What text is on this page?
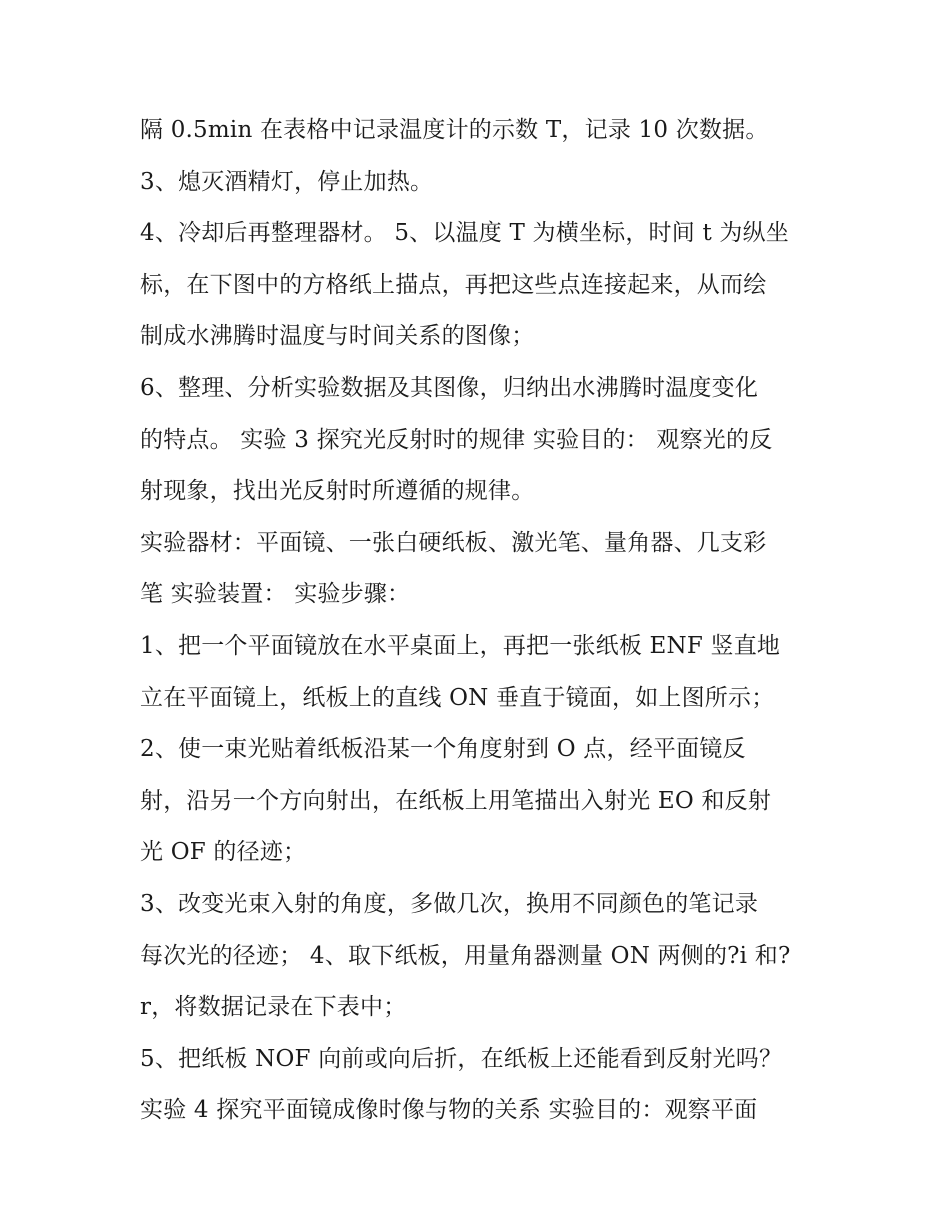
隔 0.5min 在表格中记录温度计的示数 T，记录 10 次数据。
3、熄灭酒精灯，停止加热。
4、冷却后再整理器材。 5、以温度 T 为横坐标，时间 t 为纵坐
标，在下图中的方格纸上描点，再把这些点连接起来，从而绘
制成水沸腾时温度与时间关系的图像；
6、整理、分析实验数据及其图像，归纳出水沸腾时温度变化
的特点。 实验 3 探究光反射时的规律 实验目的： 观察光的反
射现象，找出光反射时所遵循的规律。
实验器材：平面镜、一张白硬纸板、激光笔、量角器、几支彩
笔 实验装置： 实验步骤：
1、把一个平面镜放在水平桌面上，再把一张纸板 ENF 竖直地
立在平面镜上，纸板上的直线 ON 垂直于镜面，如上图所示；
2、使一束光贴着纸板沿某一个角度射到 O 点，经平面镜反
射，沿另一个方向射出，在纸板上用笔描出入射光 EO 和反射
光 OF 的径迹；
3、改变光束入射的角度，多做几次，换用不同颜色的笔记录
每次光的径迹； 4、取下纸板，用量角器测量 ON 两侧的?i 和?
r，将数据记录在下表中；
5、把纸板 NOF 向前或向后折，在纸板上还能看到反射光吗？
实验 4 探究平面镜成像时像与物的关系 实验目的：观察平面
